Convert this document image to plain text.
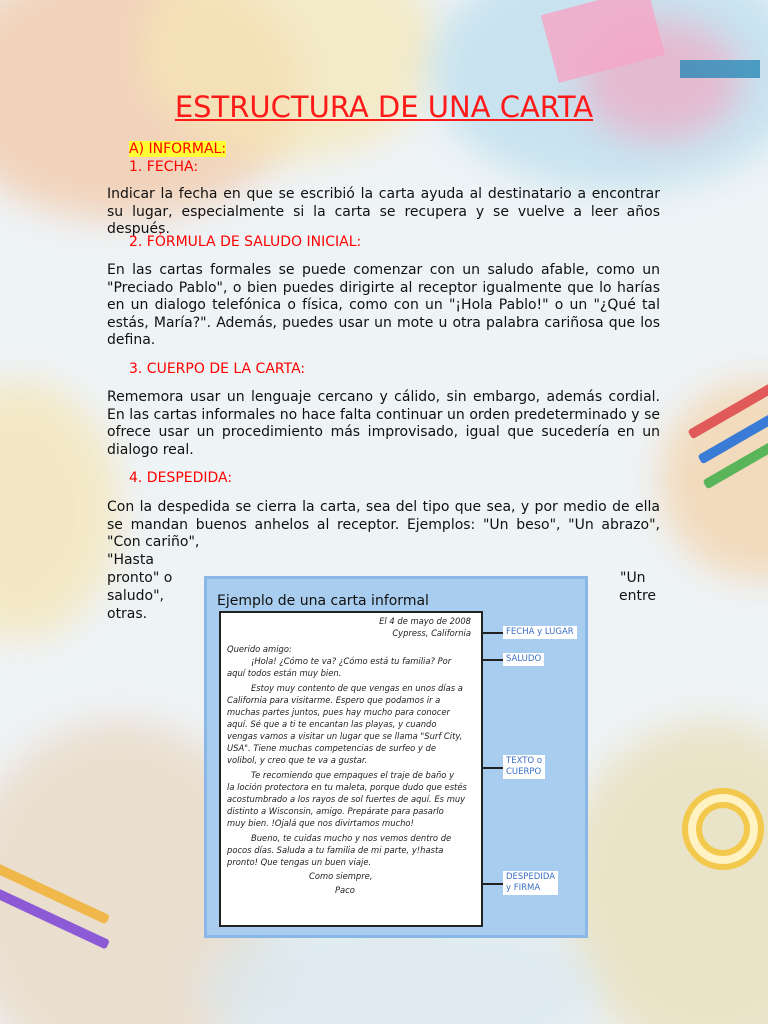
ESTRUCTURA DE UNA CARTA

A) INFORMAL:

1. FECHA:

Indicar la fecha en que se escribió la carta ayuda al destinatario a encontrar su lugar, especialmente si la carta se recupera y se vuelve a leer años después.

2. FÓRMULA DE SALUDO INICIAL:

En las cartas formales se puede comenzar con un saludo afable, como un "Preciado Pablo", o bien puedes dirigirte al receptor igualmente que lo harías en un dialogo telefónica o física, como con un "¡Hola Pablo!" o un "¿Qué tal estás, María?". Además, puedes usar un mote u otra palabra cariñosa que los defina.

3. CUERPO DE LA CARTA:

Rememora usar un lenguaje cercano y cálido, sin embargo, además cordial. En las cartas informales no hace falta continuar un orden predeterminado y se ofrece usar un procedimiento más improvisado, igual que sucedería en un dialogo real.

4. DESPEDIDA:

Con la despedida se cierra la carta, sea del tipo que sea, y por medio de ella se mandan buenos anhelos al receptor. Ejemplos: "Un beso", "Un abrazo", "Con cariño",

"Hasta

pronto" o

saludo",

otras.

"Un

entre

Ejemplo de una carta informal

El 4 de mayo de 2008

Cypress, California

Querido amigo:

¡Hola! ¿Cómo te va? ¿Cómo está tu familia? Por

aquí todos están muy bien.

Estoy muy contento de que vengas en unos días a

California para visitarme. Espero que podamos ir a

muchas partes juntos, pues hay mucho para conocer

aquí. Sé que a ti te encantan las playas, y cuando

vengas vamos a visitar un lugar que se llama "Surf City,

USA". Tiene muchas competencias de surfeo y de

volibol, y creo que te va a gustar.

Te recomiendo que empaques el traje de baño y

la loción protectora en tu maleta, porque dudo que estés

acostumbrado a los rayos de sol fuertes de aquí. Es muy

distinto a Wisconsin, amigo. Prepárate para pasarlo

muy bien. !Ojalá que nos divirtamos mucho!

Bueno, te cuidas mucho y nos vemos dentro de

pocos días. Saluda a tu familia de mi parte, y!hasta

pronto! Que tengas un buen viaje.

Como siempre,

Paco

FECHA y LUGAR
SALUDO
TEXTO o
CUERPO
DESPEDIDA
y FIRMA
